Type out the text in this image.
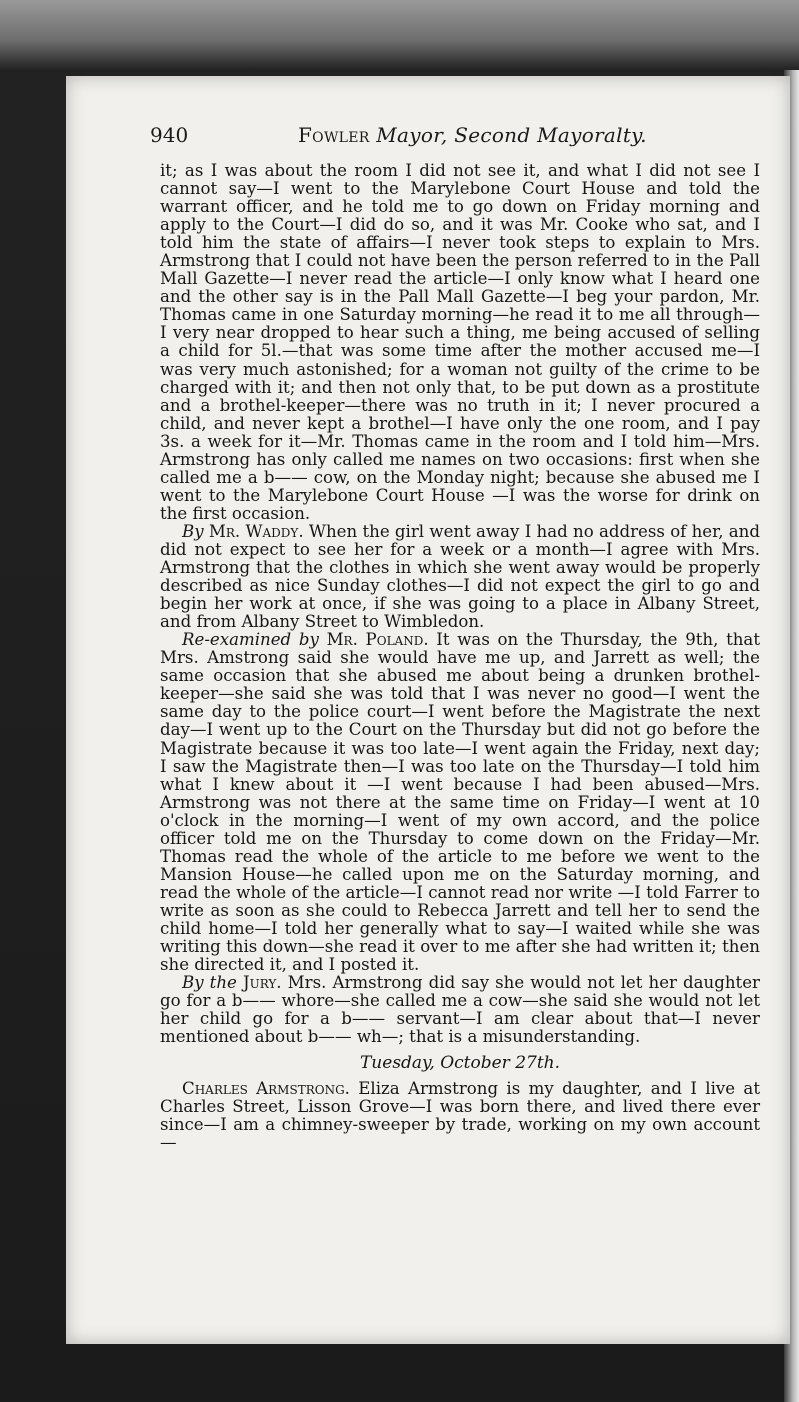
940	Fowler Mayor, Second Mayoralty.

it; as I was about the room I did not see it, and what I did not see I cannot say—I went to the Marylebone Court House and told the warrant officer, and he told me to go down on Friday morning and apply to the Court—I did do so, and it was Mr. Cooke who sat, and I told him the state of affairs—I never took steps to explain to Mrs. Armstrong that I could not have been the person referred to in the Pall Mall Gazette—I never read the article—I only know what I heard one and the other say is in the Pall Mall Gazette—I beg your pardon, Mr. Thomas came in one Saturday morning—he read it to me all through—I very near dropped to hear such a thing, me being accused of selling a child for 5l.—that was some time after the mother accused me—I was very much astonished; for a woman not guilty of the crime to be charged with it; and then not only that, to be put down as a prostitute and a brothel-keeper—there was no truth in it; I never procured a child, and never kept a brothel—I have only the one room, and I pay 3s. a week for it—Mr. Thomas came in the room and I told him—Mrs. Armstrong has only called me names on two occasions: first when she called me a b—— cow, on the Monday night; because she abused me I went to the Marylebone Court House —I was the worse for drink on the first occasion.

By Mr. Waddy. When the girl went away I had no address of her, and did not expect to see her for a week or a month—I agree with Mrs. Armstrong that the clothes in which she went away would be properly described as nice Sunday clothes—I did not expect the girl to go and begin her work at once, if she was going to a place in Albany Street, and from Albany Street to Wimbledon.

Re-examined by Mr. Poland. It was on the Thursday, the 9th, that Mrs. Amstrong said she would have me up, and Jarrett as well; the same occasion that she abused me about being a drunken brothel-keeper—she said she was told that I was never no good—I went the same day to the police court—I went before the Magistrate the next day—I went up to the Court on the Thursday but did not go before the Magistrate because it was too late—I went again the Friday, next day; I saw the Magistrate then—I was too late on the Thursday—I told him what I knew about it —I went because I had been abused—Mrs. Armstrong was not there at the same time on Friday—I went at 10 o'clock in the morning—I went of my own accord, and the police officer told me on the Thursday to come down on the Friday—Mr. Thomas read the whole of the article to me before we went to the Mansion House—he called upon me on the Saturday morning, and read the whole of the article—I cannot read nor write —I told Farrer to write as soon as she could to Rebecca Jarrett and tell her to send the child home—I told her generally what to say—I waited while she was writing this down—she read it over to me after she had written it; then she directed it, and I posted it.

By the Jury. Mrs. Armstrong did say she would not let her daughter go for a b—— whore—she called me a cow—she said she would not let her child go for a b—— servant—I am clear about that—I never mentioned about b—— wh—; that is a misunderstanding.

Tuesday, October 27th.

Charles Armstrong. Eliza Armstrong is my daughter, and I live at Charles Street, Lisson Grove—I was born there, and lived there ever since—I am a chimney-sweeper by trade, working on my own account—
